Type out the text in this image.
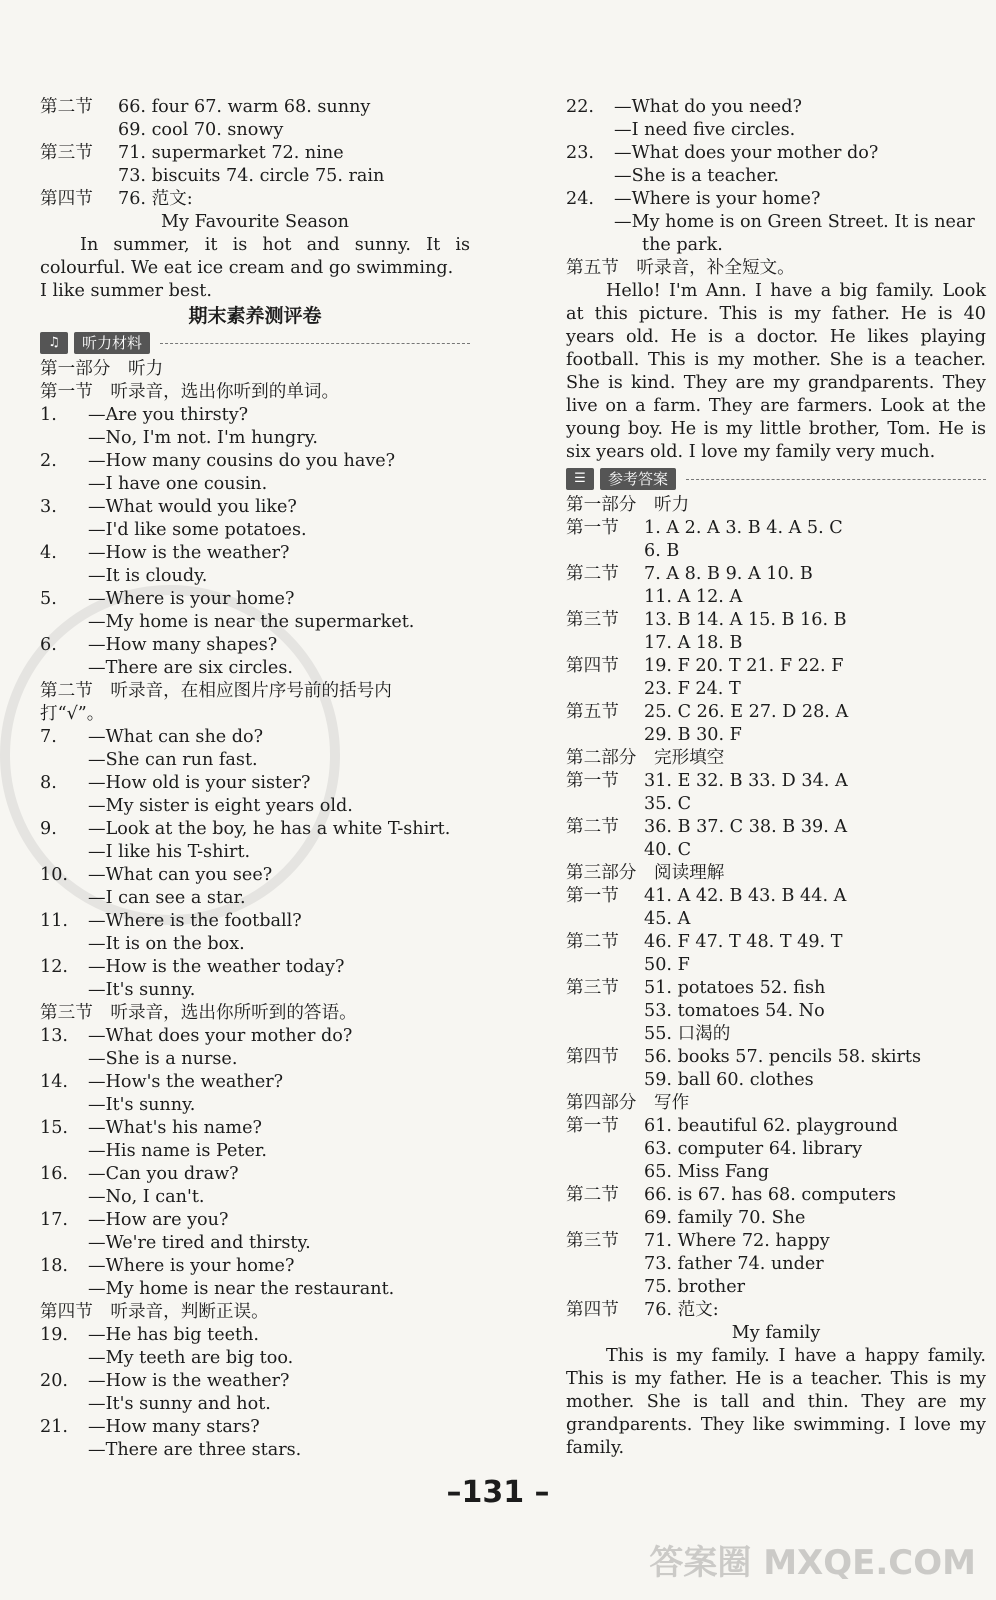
第二节 66. four 67. warm 68. sunny
69. cool 70. snowy
第三节 71. supermarket 72. nine
73. biscuits 74. circle 75. rain
第四节 76. 范文:
My Favourite Season
In summer, it is hot and sunny. It is colourful. We eat ice cream and go swimming.
I like summer best.
期末素养测评卷
♫	听力材料
第一部分　听力
第一节　听录音，选出你听到的单词。
1. —Are you thirsty?
—No, I'm not. I'm hungry.
2. —How many cousins do you have?
—I have one cousin.
3. —What would you like?
—I'd like some potatoes.
4. —How is the weather?
—It is cloudy.
5. —Where is your home?
—My home is near the supermarket.
6. —How many shapes?
—There are six circles.
第二节　听录音，在相应图片序号前的括号内
打“√”。
7. —What can she do?
—She can run fast.
8. —How old is your sister?
—My sister is eight years old.
9. —Look at the boy, he has a white T-shirt.
—I like his T-shirt.
10. —What can you see?
—I can see a star.
11. —Where is the football?
—It is on the box.
12. —How is the weather today?
—It's sunny.
第三节　听录音，选出你所听到的答语。
13. —What does your mother do?
—She is a nurse.
14. —How's the weather?
—It's sunny.
15. —What's his name?
—His name is Peter.
16. —Can you draw?
—No, I can't.
17. —How are you?
—We're tired and thirsty.
18. —Where is your home?
—My home is near the restaurant.
第四节　听录音，判断正误。
19. —He has big teeth.
—My teeth are big too.
20. —How is the weather?
—It's sunny and hot.
21. —How many stars?
—There are three stars.
22. —What do you need?
—I need five circles.
23. —What does your mother do?
—She is a teacher.
24. —Where is your home?
—My home is on Green Street. It is near
the park.
第五节　听录音，补全短文。
Hello! I'm Ann. I have a big family. Look at this picture. This is my father. He is 40 years old. He is a doctor. He likes playing football. This is my mother. She is a teacher. She is kind. They are my grandparents. They live on a farm. They are farmers. Look at the young boy. He is my little brother, Tom. He is six years old. I love my family very much.
☰	参考答案
第一部分　听力
第一节 1. A 2. A 3. B 4. A 5. C
6. B
第二节 7. A 8. B 9. A 10. B
11. A 12. A
第三节 13. B 14. A 15. B 16. B
17. A 18. B
第四节 19. F 20. T 21. F 22. F
23. F 24. T
第五节 25. C 26. E 27. D 28. A
29. B 30. F
第二部分　完形填空
第一节 31. E 32. B 33. D 34. A
35. C
第二节 36. B 37. C 38. B 39. A
40. C
第三部分　阅读理解
第一节 41. A 42. B 43. B 44. A
45. A
第二节 46. F 47. T 48. T 49. T
50. F
第三节 51. potatoes 52. fish
53. tomatoes 54. No
55. 口渴的
第四节 56. books 57. pencils 58. skirts
59. ball 60. clothes
第四部分　写作
第一节 61. beautiful 62. playground
63. computer 64. library
65. Miss Fang
第二节 66. is 67. has 68. computers
69. family 70. She
第三节 71. Where 72. happy
73. father 74. under
75. brother
第四节 76. 范文:
My family
This is my family. I have a happy family. This is my father. He is a teacher. This is my mother. She is tall and thin. They are my grandparents. They like swimming. I love my family.
–131 –
答案圈 MXQE.COM
